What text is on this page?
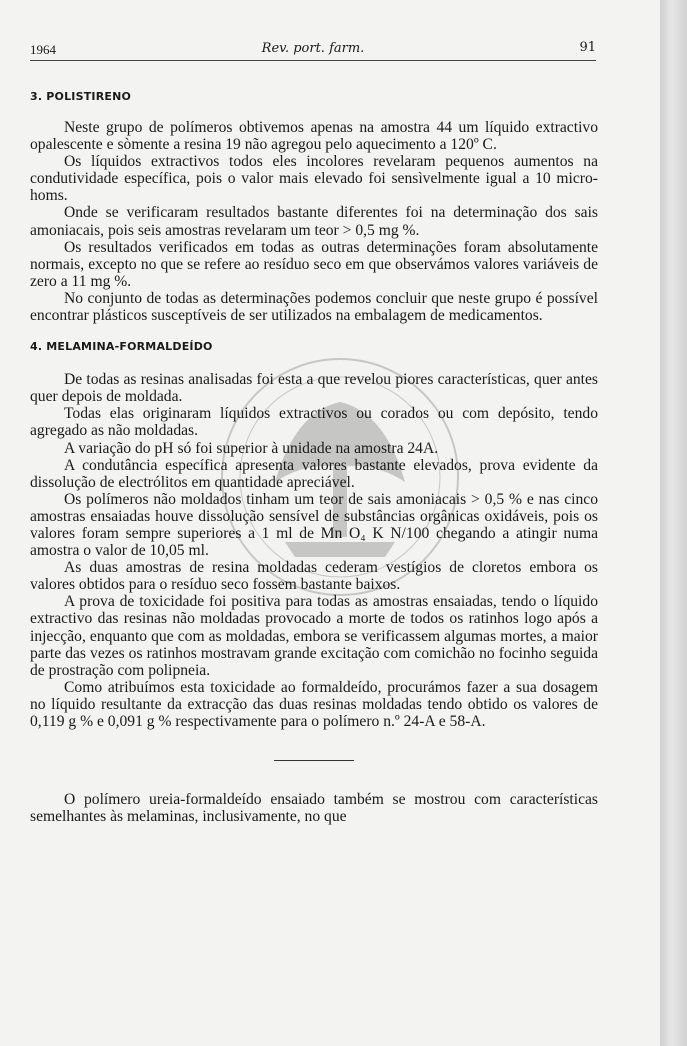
1964	Rev. port. farm.	91
3. POLISTIRENO

Neste grupo de polímeros obtivemos apenas na amostra 44 um líquido extractivo opalescente e sòmente a resina 19 não agregou pelo aquecimento a 120º C.

Os líquidos extractivos todos eles incolores revelaram pequenos aumentos na condutividade específica, pois o valor mais elevado foi sensìvelmente igual a 10 micro-homs.

Onde se verificaram resultados bastante diferentes foi na determinação dos sais amoniacais, pois seis amostras revelaram um teor > 0,5 mg %.

Os resultados verificados em todas as outras determinações foram absolutamente normais, excepto no que se refere ao resíduo seco em que observámos valores variáveis de zero a 11 mg %.

No conjunto de todas as determinações podemos concluir que neste grupo é possível encontrar plásticos susceptíveis de ser utilizados na embalagem de medicamentos.

4. MELAMINA-FORMALDEÍDO

De todas as resinas analisadas foi esta a que revelou piores características, quer antes quer depois de moldada.

Todas elas originaram líquidos extractivos ou corados ou com depósito, tendo agregado as não moldadas.

A variação do pH só foi superior à unidade na amostra 24A.

A condutância específica apresenta valores bastante elevados, prova evidente da dissolução de electrólitos em quantidade apreciável.

Os polímeros não moldados tinham um teor de sais amoniacais > 0,5 % e nas cinco amostras ensaiadas houve dissolução sensível de substâncias orgânicas oxidáveis, pois os valores foram sempre superiores a 1 ml de Mn O₄ K N/100 chegando a atingir numa amostra o valor de 10,05 ml.

As duas amostras de resina moldadas cederam vestígios de cloretos embora os valores obtidos para o resíduo seco fossem bastante baixos.

A prova de toxicidade foi positiva para todas as amostras ensaiadas, tendo o líquido extractivo das resinas não moldadas provocado a morte de todos os ratinhos logo após a injecção, enquanto que com as moldadas, embora se verificassem algumas mortes, a maior parte das vezes os ratinhos mostravam grande excitação com comichão no focinho seguida de prostração com polipneia.

Como atribuímos esta toxicidade ao formaldeído, procurámos fazer a sua dosagem no líquido resultante da extracção das duas resinas moldadas tendo obtido os valores de 0,119 g % e 0,091 g % respectivamente para o polímero n.º 24-A e 58-A.

O polímero ureia-formaldeído ensaiado também se mostrou com características semelhantes às melaminas, inclusivamente, no que
